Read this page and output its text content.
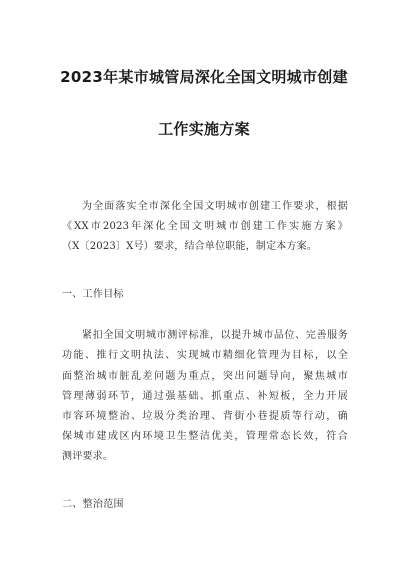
2023年某市城管局深化全国文明城市创建
工作实施方案
为全面落实全市深化全国文明城市创建工作要求，根据
《XX市2023年深化全国文明城市创建工作实施方案》
（X〔2023〕X号）要求，结合单位职能，制定本方案。
一、工作目标
紧扣全国文明城市测评标准，以提升城市品位、完善服务
功能、推行文明执法、实现城市精细化管理为目标，以全
面整治城市脏乱差问题为重点，突出问题导向，聚焦城市
管理薄弱环节，通过强基础、抓重点、补短板，全力开展
市容环境整治、垃圾分类治理、背街小巷提质等行动，确
保城市建成区内环境卫生整洁优美，管理常态长效，符合
测评要求。
二、整治范围
